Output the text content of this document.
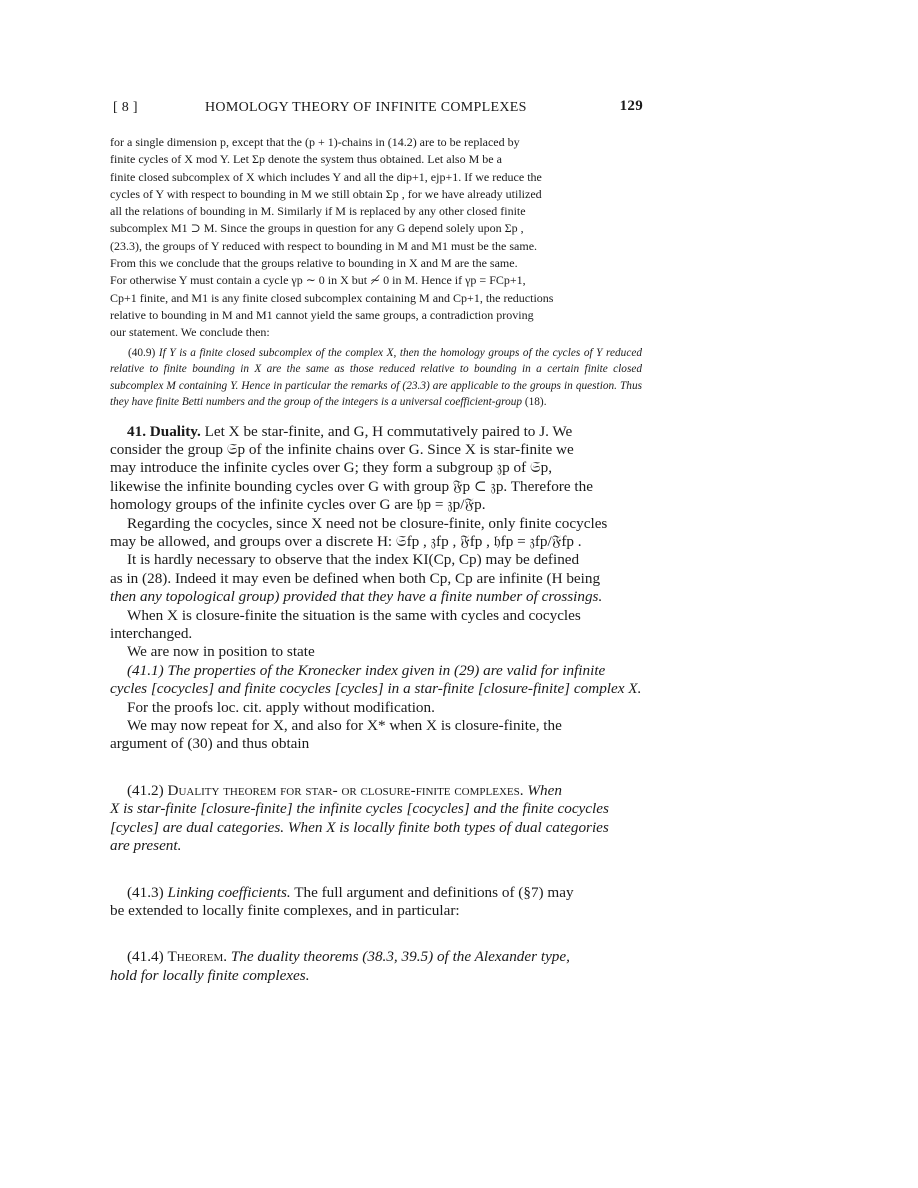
[ 8 ]	HOMOLOGY THEORY OF INFINITE COMPLEXES	129

for a single dimension p, except that the (p + 1)-chains in (14.2) are to be replaced by

finite cycles of X mod Y. Let Σp denote the system thus obtained. Let also M be a

finite closed subcomplex of X which includes Y and all the dip+1, ejp+1. If we reduce the

cycles of Y with respect to bounding in M we still obtain Σp , for we have already utilized

all the relations of bounding in M. Similarly if M is replaced by any other closed finite

subcomplex M1 ⊃ M. Since the groups in question for any G depend solely upon Σp ,

(23.3), the groups of Y reduced with respect to bounding in M and M1 must be the same.

From this we conclude that the groups relative to bounding in X and M are the same.

For otherwise Y must contain a cycle γp ∼ 0 in X but ≁ 0 in M. Hence if γp = FCp+1,

Cp+1 finite, and M1 is any finite closed subcomplex containing M and Cp+1, the reductions

relative to bounding in M and M1 cannot yield the same groups, a contradiction proving

our statement. We conclude then:

(40.9) If Y is a finite closed subcomplex of the complex X, then the homology groups of the cycles of Y reduced relative to finite bounding in X are the same as those reduced relative to bounding in a certain finite closed subcomplex M containing Y. Hence in particular the remarks of (23.3) are applicable to the groups in question. Thus they have finite Betti numbers and the group of the integers is a universal coefficient-group (18).

41. Duality. Let X be star-finite, and G, H commutatively paired to J. We

consider the group 𝔖p of the infinite chains over G. Since X is star-finite we

may introduce the infinite cycles over G; they form a subgroup 𝔷p of 𝔖p,

likewise the infinite bounding cycles over G with group 𝔉p ⊂ 𝔷p. Therefore the

homology groups of the infinite cycles over G are 𝔥p = 𝔷p/𝔉p.

Regarding the cocycles, since X need not be closure-finite, only finite cocycles

may be allowed, and groups over a discrete H: 𝔖fp , 𝔷fp , 𝔉fp , 𝔥fp = 𝔷fp/𝔉fp .

It is hardly necessary to observe that the index KI(Cp, Cp) may be defined

as in (28). Indeed it may even be defined when both Cp, Cp are infinite (H being

then any topological group) provided that they have a finite number of crossings.

When X is closure-finite the situation is the same with cycles and cocycles

interchanged.

We are now in position to state

(41.1) The properties of the Kronecker index given in (29) are valid for infinite

cycles [cocycles] and finite cocycles [cycles] in a star-finite [closure-finite] complex X.

For the proofs loc. cit. apply without modification.

We may now repeat for X, and also for X* when X is closure-finite, the

argument of (30) and thus obtain

(41.2) Duality theorem for star- or closure-finite complexes. When

X is star-finite [closure-finite] the infinite cycles [cocycles] and the finite cocycles

[cycles] are dual categories. When X is locally finite both types of dual categories

are present.

(41.3) Linking coefficients. The full argument and definitions of (§7) may

be extended to locally finite complexes, and in particular:

(41.4) Theorem. The duality theorems (38.3, 39.5) of the Alexander type,

hold for locally finite complexes.
